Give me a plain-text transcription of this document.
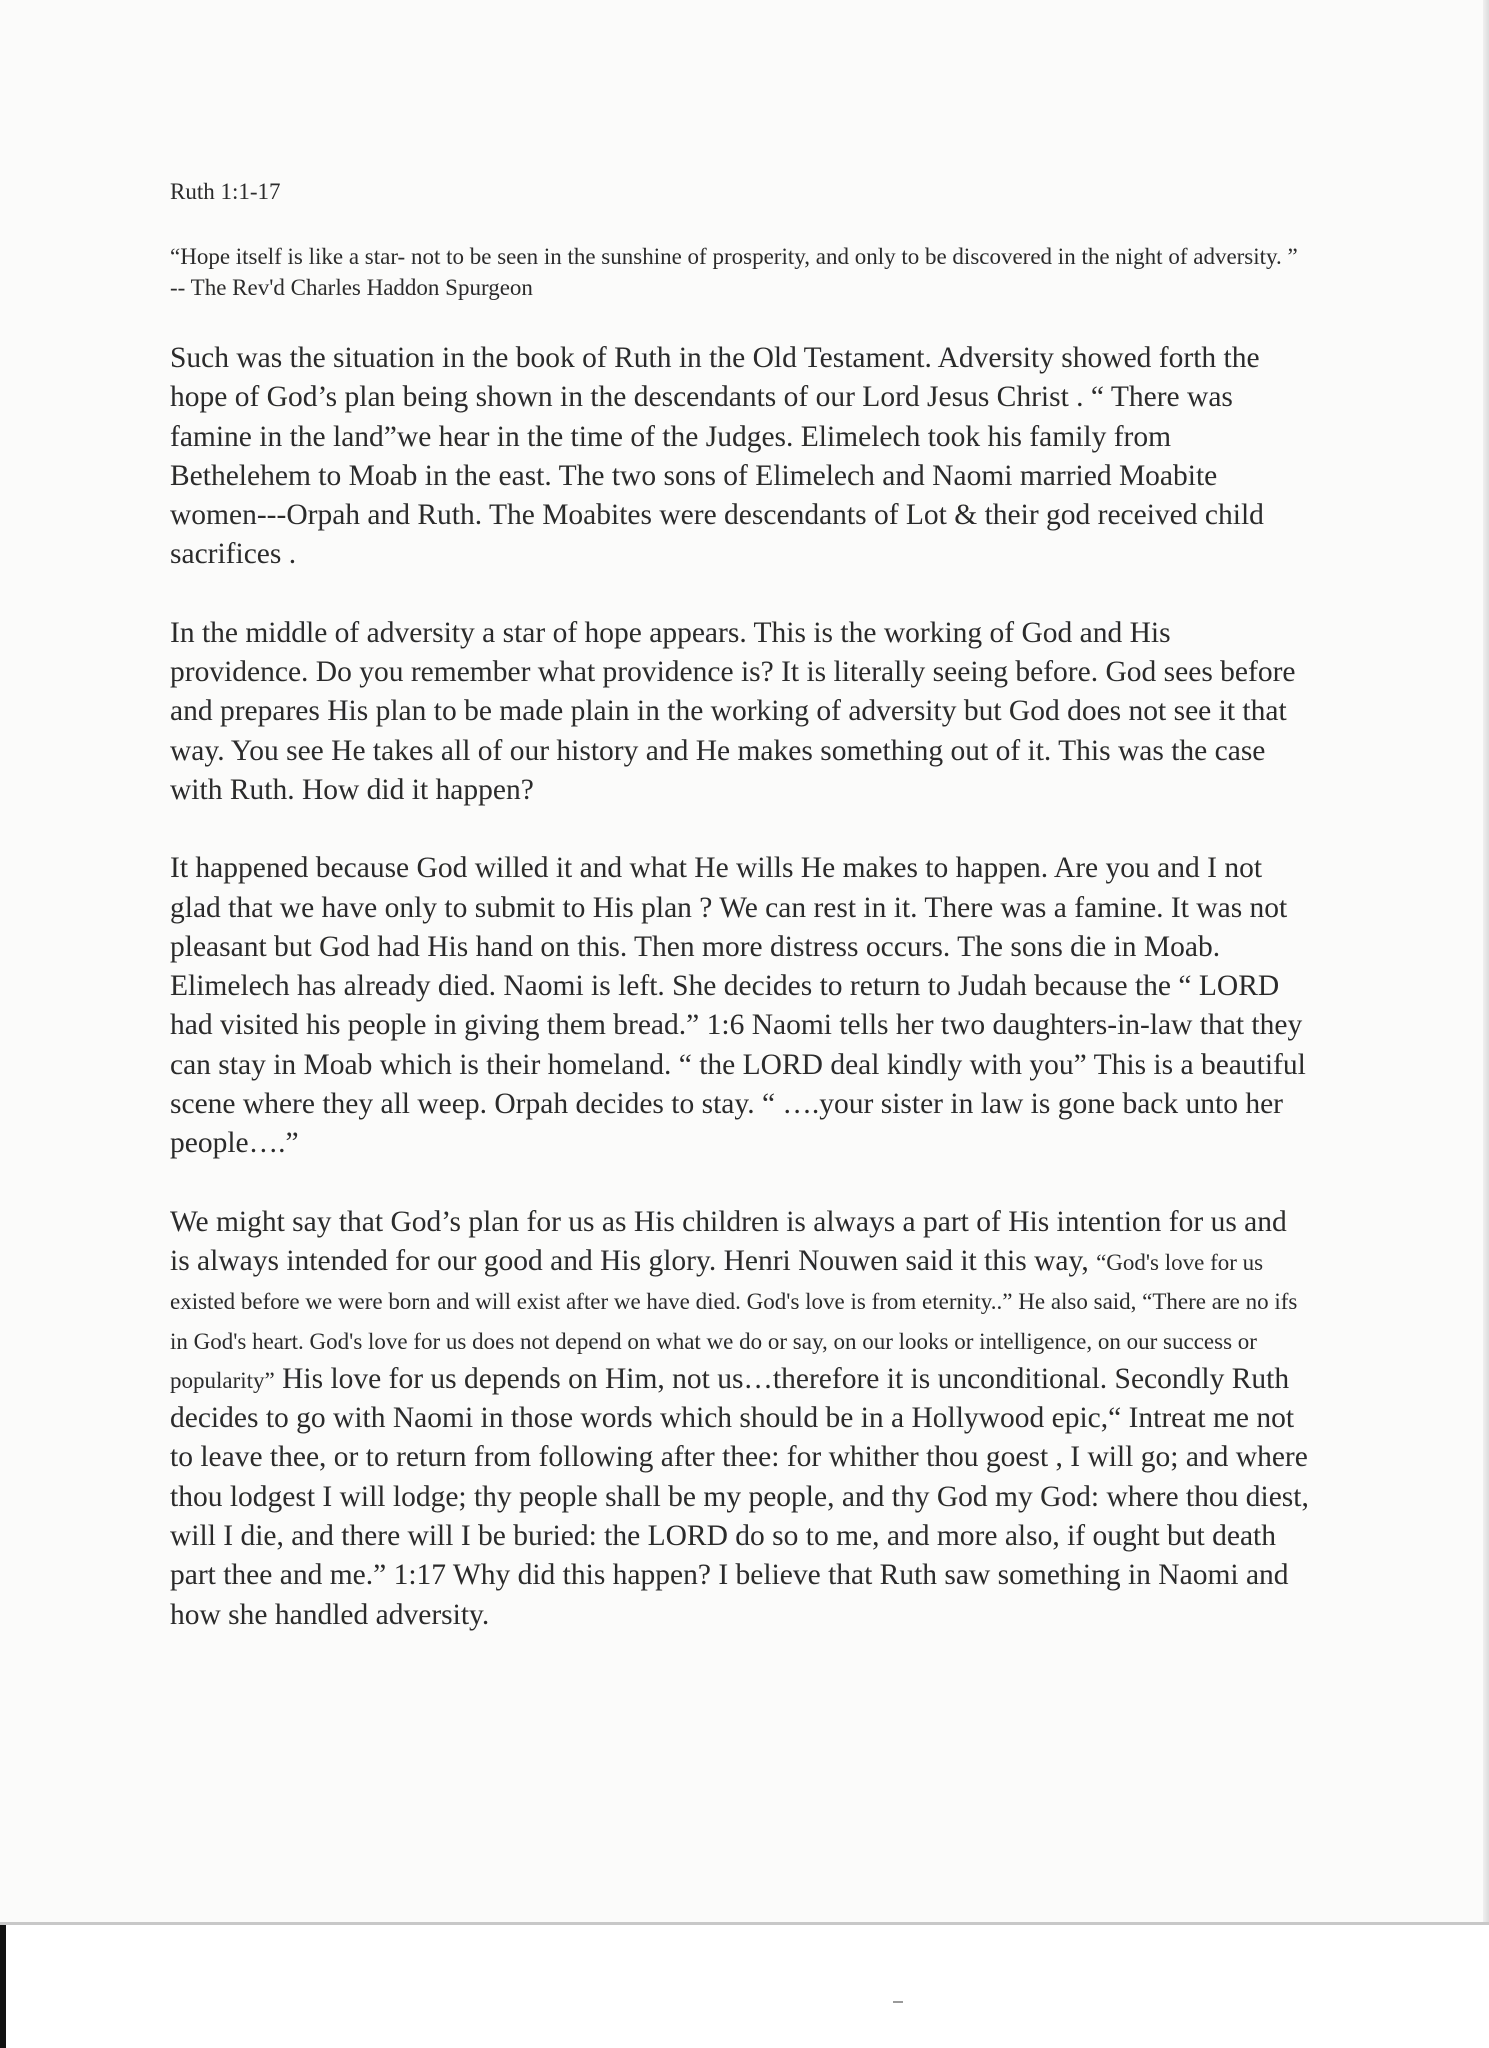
Ruth 1:1-17

“Hope itself is like a star- not to be seen in the sunshine of prosperity, and only to be discovered in the night of adversity. ” -- The Rev'd Charles Haddon Spurgeon

Such was the situation in the book of Ruth in the Old Testament. Adversity showed forth the hope of God’s plan being shown in the descendants of our Lord Jesus Christ . “ There was famine in the land”we hear in the time of the Judges. Elimelech took his family from Bethelehem to Moab in the east. The two sons of Elimelech and Naomi married Moabite women---Orpah and Ruth. The Moabites were descendants of Lot & their god received child sacrifices .

In the middle of adversity a star of hope appears. This is the working of God and His providence. Do you remember what providence is? It is literally seeing before. God sees before and prepares His plan to be made plain in the working of adversity but God does not see it that way. You see He takes all of our history and He makes something out of it. This was the case with Ruth. How did it happen?

It happened because God willed it and what He wills He makes to happen. Are you and I not glad that we have only to submit to His plan ? We can rest in it. There was a famine. It was not pleasant but God had His hand on this. Then more distress occurs. The sons die in Moab. Elimelech has already died. Naomi is left. She decides to return to Judah because the “ LORD had visited his people in giving them bread.” 1:6 Naomi tells her two daughters-in-law that they can stay in Moab which is their homeland. “ the LORD deal kindly with you” This is a beautiful scene where they all weep. Orpah decides to stay. “ ….your sister in law is gone back unto her people….”

We might say that God’s plan for us as His children is always a part of His intention for us and is always intended for our good and His glory. Henri Nouwen said it this way, “God's love for us existed before we were born and will exist after we have died. God's love is from eternity..” He also said, “There are no ifs in God's heart. God's love for us does not depend on what we do or say, on our looks or intelligence, on our success or popularity” His love for us depends on Him, not us…therefore it is unconditional. Secondly Ruth decides to go with Naomi in those words which should be in a Hollywood epic,“ Intreat me not to leave thee, or to return from following after thee: for whither thou goest , I will go; and where thou lodgest I will lodge; thy people shall be my people, and thy God my God: where thou diest, will I die, and there will I be buried: the LORD do so to me, and more also, if ought but death part thee and me.” 1:17 Why did this happen? I believe that Ruth saw something in Naomi and how she handled adversity.
